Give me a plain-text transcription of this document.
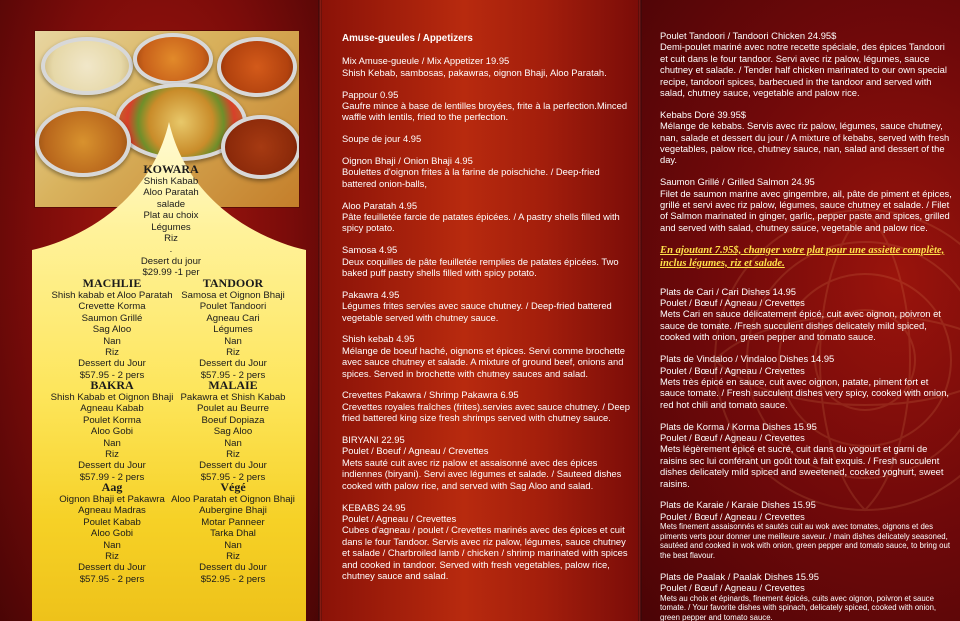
KOWARA
Shish Kabab
Aloo Paratah
salade
Plat au choix
Légumes
Riz
.
Desert du jour
$29.99 -1 per
MACHLIE
Shish kabab et Aloo Paratah
Crevette Korma
Saumon Grillé
Sag Aloo
Nan
Riz
Dessert du Jour
$57.95 - 2 pers
TANDOOR
Samosa et Oignon Bhaji
Poulet Tandoori
Agneau Cari
Légumes
Nan
Riz
Dessert du Jour
$57.95 - 2 pers
BAKRA
Shish Kabab et Oignon Bhaji
Agneau Kabab
Poulet Korma
Aloo Gobi
Nan
Riz
Dessert du Jour
$57.99 - 2 pers
MALAIE
Pakawra et Shish Kabab
Poulet au Beurre
Boeuf Dopiaza
Sag Aloo
Nan
Riz
Dessert du Jour
$57.95 - 2 pers
Aag
Oignon Bhaji et Pakawra
Agneau Madras
Poulet Kabab
Aloo Gobi
Nan
Riz
Dessert du Jour
$57.95 - 2 pers
Végé
Aloo Paratah et Oignon Bhaji
Aubergine Bhaji
Motar Panneer
Tarka Dhal
Nan
Riz
Dessert du Jour
$52.95 - 2 pers
Amuse-gueules / Appetizers
Mix Amuse-gueule / Mix Appetizer 19.95
Shish Kebab, sambosas, pakawras, oignon Bhaji, Aloo Paratah.
Pappour 0.95
Gaufre mince à base de lentilles broyées, frite à la perfection.Minced waffle with lentils, fried to the perfection.
Soupe de jour 4.95
Oignon Bhaji / Onion Bhaji 4.95
Boulettes d'oignon frites à la farine de poischiche. / Deep-fried battered onion-balls,
Aloo Paratah 4.95
Pâte feuilletée farcie de patates épicées. / A pastry shells filled with spicy potato.
Samosa 4.95
Deux coquilles de pâte feuilletée remplies de patates épicées. Two baked puff pastry shells filled with spicy potato.
Pakawra 4.95
Légumes frites servies avec sauce chutney. / Deep-fried battered vegetable served with chutney sauce.
Shish kebab 4.95
Mélange de boeuf haché, oignons et épices. Servi comme brochette avec sauce chutney et salade. A mixture of ground beef, onions and spices. Served in brochette with chutney sauces and salad.
Crevettes Pakawra / Shrimp Pakawra 6.95
Crevettes royales fraîches (frites).servies avec sauce chutney. / Deep fried battered king size fresh shrimps served with chutney sauce.
BIRYANI 22.95
Poulet / Boeuf / Agneau / Crevettes
Mets sauté cuit avec riz palow et assaisonné avec des épices indiennes (biryani). Servi avec légumes et salade. / Sauteed dishes cooked with palow rice, and served with Sag Aloo and salad.
KEBABS 24.95
Poulet / Agneau / Crevettes
Cubes d'agneau / poulet / Crevettes marinés avec des épices et cuit dans le four Tandoor. Servis avec riz palow, légumes, sauce chutney et salade / Charbroiled lamb / chicken / shrimp marinated with spices and cooked in tandoor. Served with fresh vegetables, palow rice, chutney sauce and salad.
Poulet Tandoori / Tandoori Chicken 24.95$
Demi-poulet mariné avec notre recette spéciale, des épices Tandoori et cuit dans le four tandoor. Servi avec riz palow, légumes, sauce chutney et salade. / Tender half chicken marinated to our own special recipe, tandoori spices, barbecued in the tandoor and served with salad, chutney sauce, vegetable and palow rice.
Kebabs Doré 39.95$
Mélange de kebabs. Servis avec riz palow, légumes, sauce chutney, nan, salade et dessert du jour / A mixture of kebabs, served with fresh vegetables, palow rice, chutney sauce, nan, salad and dessert of the day.
Saumon Grillé / Grilled Salmon 24.95
Filet de saumon marine avec gingembre, ail, pâte de piment et épices, grillé et servi avec riz palow, légumes, sauce chutney et salade. / Filet of Salmon marinated in ginger, garlic, pepper paste and spices, grilled and served with salad, chutney sauce, vegetable and palow rice.
En ajoutant 7.95$, changer votre plat pour une assiette complète, inclus légumes, riz et salade.
Plats de Cari / Cari Dishes 14.95
Poulet / Bœuf / Agneau / Crevettes
Mets Cari en sauce délicatement épicé, cuit avec oignon, poivron et sauce de tomate. /Fresh succulent dishes delicately mild spiced, cooked with onion, green pepper and tomato sauce.
Plats de Vindaloo / Vindaloo Dishes 14.95
Poulet / Bœuf / Agneau / Crevettes
Mets très épicé en sauce, cuit avec oignon, patate, piment fort et sauce tomate. / Fresh succulent dishes very spicy, cooked with onion, red hot chili and tomato sauce.
Plats de Korma / Korma Dishes 15.95
Poulet / Bœuf / Agneau / Crevettes
Mets légèrement épicé et sucré, cuit dans du yogourt et garni de raisins sec lui conférant un goût tout à fait exquis. / Fresh succulent dishes delicately mild spiced and sweetened, cooked yoghurt, sweet raisins.
Plats de Karaie / Karaie Dishes 15.95
Poulet / Bœuf / Agneau / Crevettes
Mets finement assaisonnés et sautés cuit au wok avec tomates, oignons et des piments verts pour donner une meilleure saveur. / main dishes delicately seasoned, sautéed and cooked in wok with onion, green pepper and tomato sauce, to bring out the best flavour.
Plats de Paalak / Paalak Dishes 15.95
Poulet / Bœuf / Agneau / Crevettes
Mets au choix et épinards, finement épicés, cuits avec oignon, poivron et sauce tomate. / Your favorite dishes with spinach, delicately spiced, cooked with onion, green pepper and tomato sauce.
